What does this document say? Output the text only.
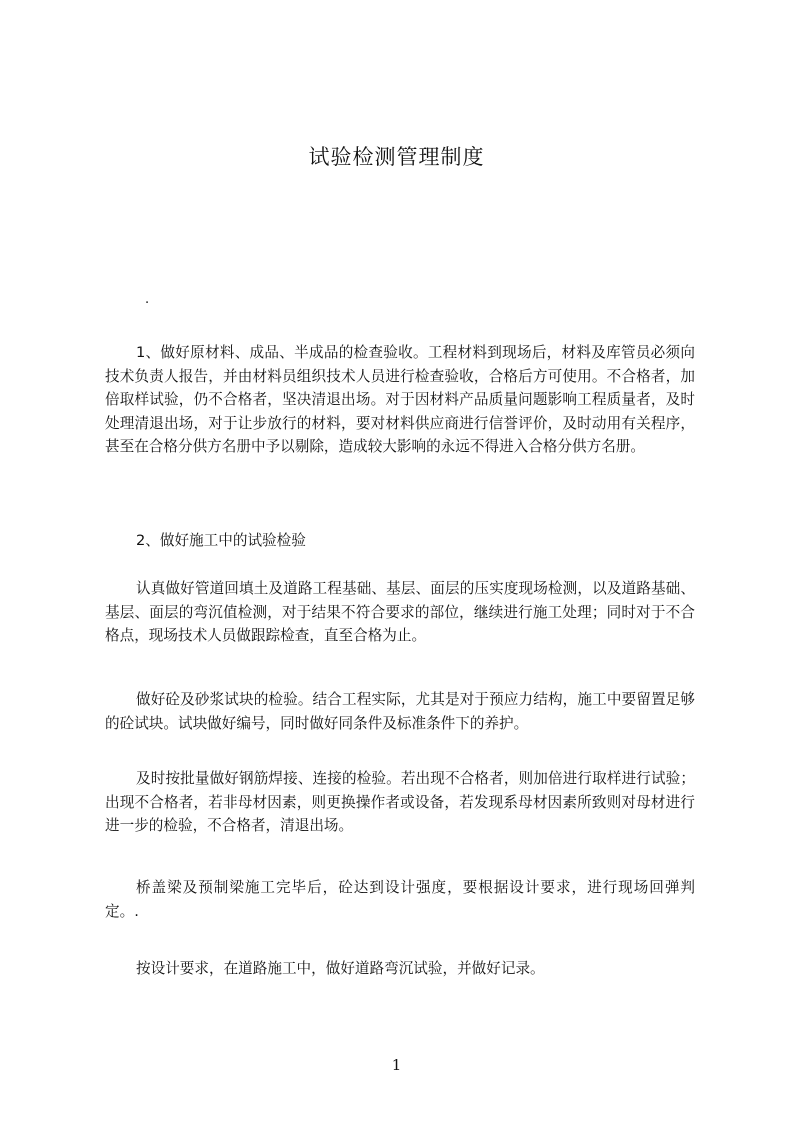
试验检测管理制度
.

1、做好原材料、成品、半成品的检查验收。工程材料到现场后，材料及库管员必须向技术负责人报告，并由材料员组织技术人员进行检查验收，合格后方可使用。不合格者，加倍取样试验，仍不合格者，坚决清退出场。对于因材料产品质量问题影响工程质量者，及时处理清退出场，对于让步放行的材料，要对材料供应商进行信誉评价，及时动用有关程序，甚至在合格分供方名册中予以剔除，造成较大影响的永远不得进入合格分供方名册。

2、做好施工中的试验检验

认真做好管道回填土及道路工程基础、基层、面层的压实度现场检测，以及道路基础、基层、面层的弯沉值检测，对于结果不符合要求的部位，继续进行施工处理；同时对于不合格点，现场技术人员做跟踪检查，直至合格为止。

做好砼及砂浆试块的检验。结合工程实际，尤其是对于预应力结构，施工中要留置足够的砼试块。试块做好编号，同时做好同条件及标准条件下的养护。

及时按批量做好钢筋焊接、连接的检验。若出现不合格者，则加倍进行取样进行试验；出现不合格者，若非母材因素，则更换操作者或设备，若发现系母材因素所致则对母材进行进一步的检验，不合格者，清退出场。

桥盖梁及预制梁施工完毕后，砼达到设计强度，要根据设计要求，进行现场回弹判定。.

按设计要求，在道路施工中，做好道路弯沉试验，并做好记录。

1
